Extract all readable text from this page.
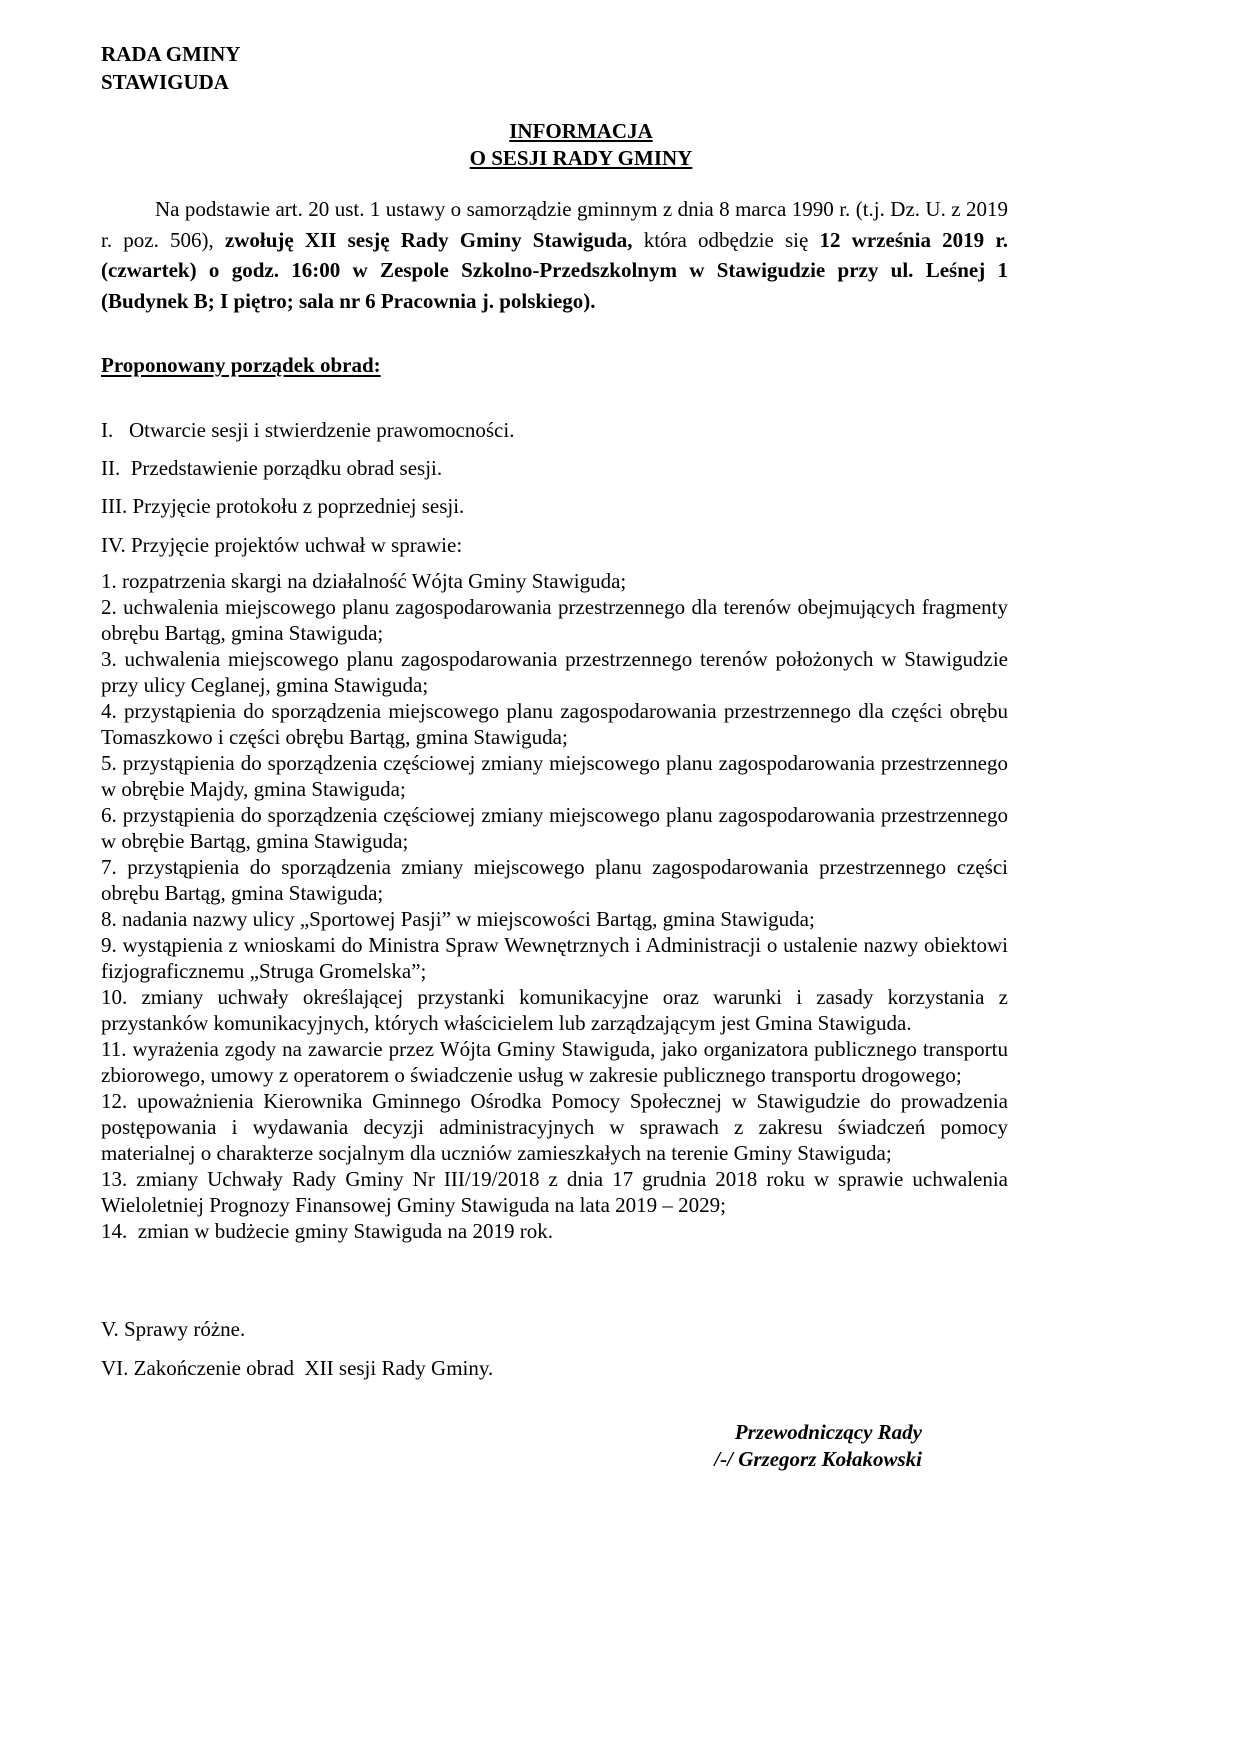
RADA GMINY
STAWIGUDA
INFORMACJA
O SESJI RADY GMINY
Na podstawie art. 20 ust. 1 ustawy o samorządzie gminnym z dnia 8 marca 1990 r. (t.j. Dz. U. z 2019 r. poz. 506), zwołuję XII sesję Rady Gminy Stawiguda, która odbędzie się 12 września 2019 r. (czwartek) o godz. 16:00 w Zespole Szkolno-Przedszkolnym w Stawigudzie przy ul. Leśnej 1 (Budynek B; I piętro; sala nr 6 Pracownia j. polskiego).
Proponowany porządek obrad:
I.   Otwarcie sesji i stwierdzenie prawomocności.
II.  Przedstawienie porządku obrad sesji.
III. Przyjęcie protokołu z poprzedniej sesji.
IV. Przyjęcie projektów uchwał w sprawie:
1. rozpatrzenia skargi na działalność Wójta Gminy Stawiguda;
2. uchwalenia miejscowego planu zagospodarowania przestrzennego dla terenów obejmujących fragmenty obrębu Bartąg, gmina Stawiguda;
3. uchwalenia miejscowego planu zagospodarowania przestrzennego terenów położonych w Stawigudzie przy ulicy Ceglanej, gmina Stawiguda;
4. przystąpienia do sporządzenia miejscowego planu zagospodarowania przestrzennego dla części obrębu Tomaszkowo i części obrębu Bartąg, gmina Stawiguda;
5. przystąpienia do sporządzenia częściowej zmiany miejscowego planu zagospodarowania przestrzennego w obrębie Majdy, gmina Stawiguda;
6. przystąpienia do sporządzenia częściowej zmiany miejscowego planu zagospodarowania przestrzennego w obrębie Bartąg, gmina Stawiguda;
7. przystąpienia do sporządzenia zmiany miejscowego planu zagospodarowania przestrzennego części obrębu Bartąg, gmina Stawiguda;
8. nadania nazwy ulicy „Sportowej Pasji” w miejscowości Bartąg, gmina Stawiguda;
9. wystąpienia z wnioskami do Ministra Spraw Wewnętrznych i Administracji o ustalenie nazwy obiektowi fizjograficznemu „Struga Gromelska”;
10. zmiany uchwały określającej przystanki komunikacyjne oraz warunki i zasady korzystania z przystanków komunikacyjnych, których właścicielem lub zarządzającym jest Gmina Stawiguda.
11. wyrażenia zgody na zawarcie przez Wójta Gminy Stawiguda, jako organizatora publicznego transportu zbiorowego, umowy z operatorem o świadczenie usług w zakresie publicznego transportu drogowego;
12. upoważnienia Kierownika Gminnego Ośrodka Pomocy Społecznej w Stawigudzie do prowadzenia postępowania i wydawania decyzji administracyjnych w sprawach z zakresu świadczeń pomocy materialnej o charakterze socjalnym dla uczniów zamieszkałych na terenie Gminy Stawiguda;
13. zmiany Uchwały Rady Gminy Nr III/19/2018 z dnia 17 grudnia 2018 roku w sprawie uchwalenia Wieloletniej Prognozy Finansowej Gminy Stawiguda na lata 2019 – 2029;
14.  zmian w budżecie gminy Stawiguda na 2019 rok.
V. Sprawy różne.
VI. Zakończenie obrad  XII sesji Rady Gminy.
Przewodniczący Rady
/-/ Grzegorz Kołakowski
